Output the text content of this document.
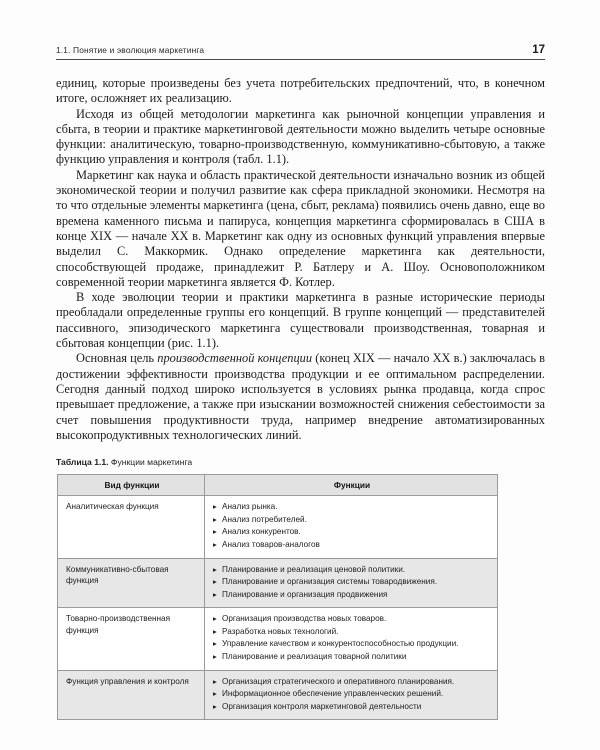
1.1. Понятие и эволюция маркетинга	17

единиц, которые произведены без учета потребительских предпочтений, что, в конечном итоге, осложняет их реализацию.

Исходя из общей методологии маркетинга как рыночной концепции управления и сбыта, в теории и практике маркетинговой деятельности можно выделить четыре основные функции: аналитическую, товарно-производственную, коммуникативно-сбытовую, а также функцию управления и контроля (табл. 1.1).

Маркетинг как наука и область практической деятельности изначально возник из общей экономической теории и получил развитие как сфера прикладной экономики. Несмотря на то что отдельные элементы маркетинга (цена, сбыт, реклама) появились очень давно, еще во времена каменного письма и папируса, концепция маркетинга сформировалась в США в конце XIX — начале XX в. Маркетинг как одну из основных функций управления впервые выделил С. Маккормик. Однако определение маркетинга как деятельности, способствующей продаже, принадлежит Р. Батлеру и А. Шоу. Основоположником современной теории маркетинга является Ф. Котлер.

В ходе эволюции теории и практики маркетинга в разные исторические периоды преобладали определенные группы его концепций. В группе концепций — представителей пассивного, эпизодического маркетинга существовали производственная, товарная и сбытовая концепции (рис. 1.1).

Основная цель производственной концепции (конец XIX — начало XX в.) заключалась в достижении эффективности производства продукции и ее оптимальном распределении. Сегодня данный подход широко используется в условиях рынка продавца, когда спрос превышает предложение, а также при изыскании возможностей снижения себестоимости за счет повышения продуктивности труда, например внедрение автоматизированных высокопродуктивных технологических линий.

Таблица 1.1. Функции маркетинга
Вид функции	Функции
Аналитическая функция	
▸Анализ рынка.
▸ Анализ потребителей.
▸ Анализ конкурентов.
▸ Анализ товаров-аналогов

Коммуникативно-сбытовая функция	
▸ Планирование и реализация ценовой политики.
▸ Планирование и организация системы товародвижения.
▸ Планирование и организация продвижения

Товарно-производственная функция	
▸ Организация производства новых товаров.
▸ Разработка новых технологий.
▸ Управление качеством и конкурентоспособностью продукции.
▸ Планирование и реализация товарной политики

Функция управления и контроля	
▸Организация стратегического и оперативного планирования.
▸ Информационное обеспечение управленческих решений.
▸ Организация контроля маркетинговой деятельности
